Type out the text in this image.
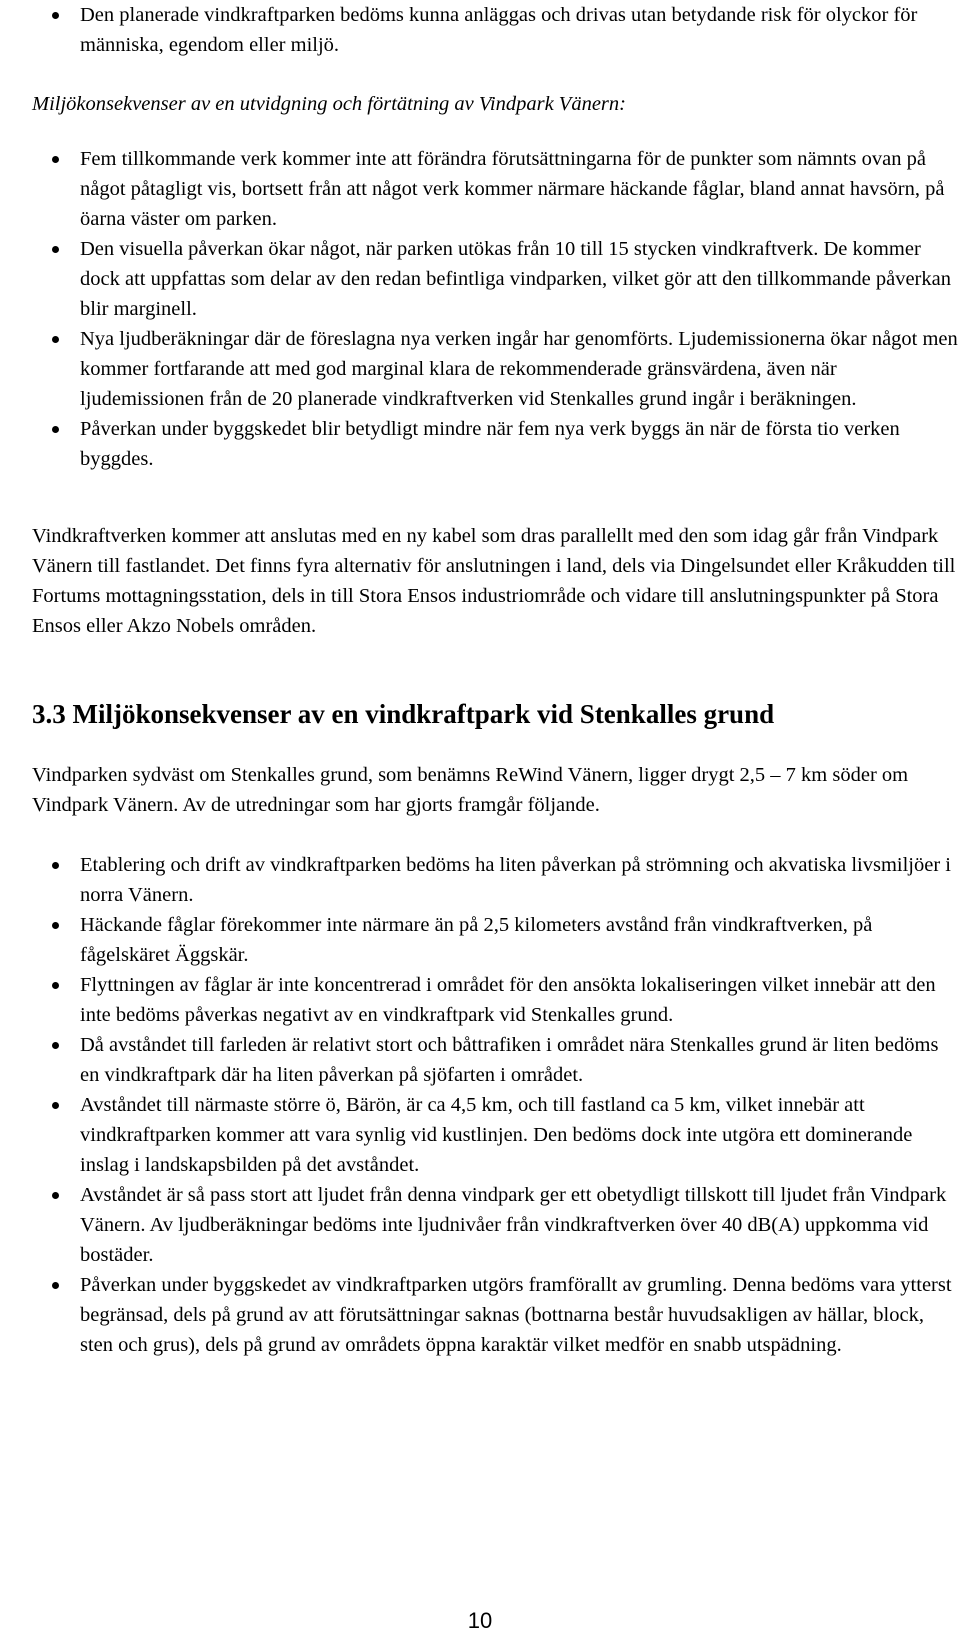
Den planerade vindkraftparken bedöms kunna anläggas och drivas utan betydande risk för olyckor för människa, egendom eller miljö.

Miljökonsekvenser av en utvidgning och förtätning av Vindpark Vänern:

Fem tillkommande verk kommer inte att förändra förutsättningarna för de punkter som nämnts ovan på något påtagligt vis, bortsett från att något verk kommer närmare häckande fåglar, bland annat havsörn, på öarna väster om parken.
Den visuella påverkan ökar något, när parken utökas från 10 till 15 stycken vindkraftverk. De kommer dock att uppfattas som delar av den redan befintliga vindparken, vilket gör att den tillkommande påverkan blir marginell.
Nya ljudberäkningar där de föreslagna nya verken ingår har genomförts. Ljudemissionerna ökar något men kommer fortfarande att med god marginal klara de rekommenderade gränsvärdena, även när ljudemissionen från de 20 planerade vindkraftverken vid Stenkalles grund ingår i beräkningen.
Påverkan under byggskedet blir betydligt mindre när fem nya verk byggs än när de första tio verken byggdes.

Vindkraftverken kommer att anslutas med en ny kabel som dras parallellt med den som idag går från Vindpark Vänern till fastlandet. Det finns fyra alternativ för anslutningen i land, dels via Dingelsundet eller Kråkudden till Fortums mottagningsstation, dels in till Stora Ensos industriområde och vidare till anslutningspunkter på Stora Ensos eller Akzo Nobels områden.

3.3 Miljökonsekvenser av en vindkraftpark vid Stenkalles grund

Vindparken sydväst om Stenkalles grund, som benämns ReWind Vänern, ligger drygt 2,5 – 7 km söder om Vindpark Vänern. Av de utredningar som har gjorts framgår följande.

Etablering och drift av vindkraftparken bedöms ha liten påverkan på strömning och akvatiska livsmiljöer i norra Vänern.
Häckande fåglar förekommer inte närmare än på 2,5 kilometers avstånd från vindkraftverken, på fågelskäret Äggskär.
Flyttningen av fåglar är inte koncentrerad i området för den ansökta lokaliseringen vilket innebär att den inte bedöms påverkas negativt av en vindkraftpark vid Stenkalles grund.
Då avståndet till farleden är relativt stort och båttrafiken i området nära Stenkalles grund är liten bedöms en vindkraftpark där ha liten påverkan på sjöfarten i området.
Avståndet till närmaste större ö, Bärön, är ca 4,5 km, och till fastland ca 5 km, vilket innebär att vindkraftparken kommer att vara synlig vid kustlinjen. Den bedöms dock inte utgöra ett dominerande inslag i landskapsbilden på det avståndet.
Avståndet är så pass stort att ljudet från denna vindpark ger ett obetydligt tillskott till ljudet från Vindpark Vänern. Av ljudberäkningar bedöms inte ljudnivåer från vindkraftverken över 40 dB(A) uppkomma vid bostäder.
Påverkan under byggskedet av vindkraftparken utgörs framförallt av grumling. Denna bedöms vara ytterst begränsad, dels på grund av att förutsättningar saknas (bottnarna består huvudsakligen av hällar, block, sten och grus), dels på grund av områdets öppna karaktär vilket medför en snabb utspädning.
10
